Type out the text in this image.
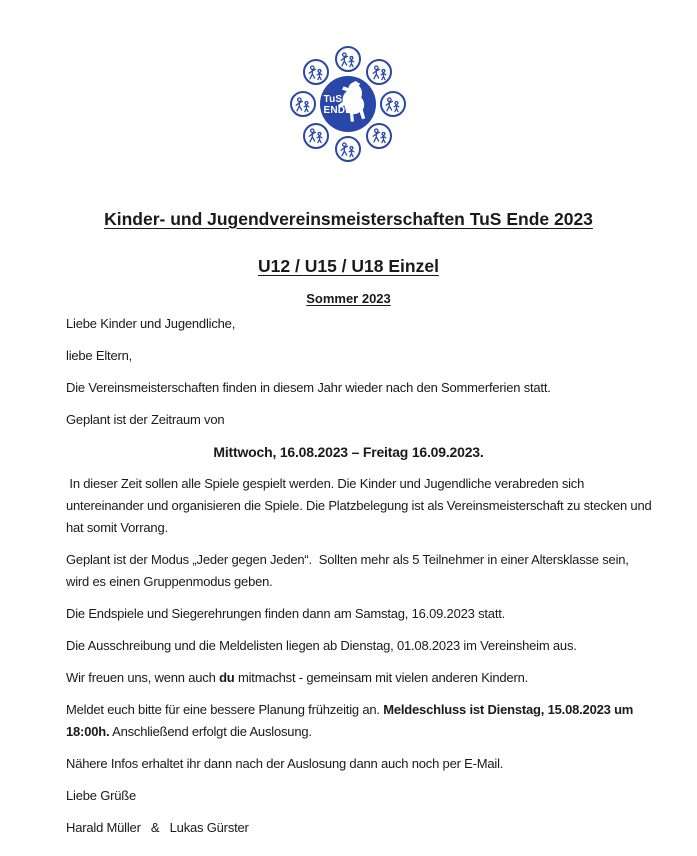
TuS
ENDE
Kinder- und Jugendvereinsmeisterschaften TuS Ende 2023
U12 / U15 / U18 Einzel
Sommer 2023

Liebe Kinder und Jugendliche,

liebe Eltern,

Die Vereinsmeisterschaften finden in diesem Jahr wieder nach den Sommerferien statt.

Geplant ist der Zeitraum von

Mittwoch, 16.08.2023 – Freitag 16.09.2023.

In dieser Zeit sollen alle Spiele gespielt werden. Die Kinder und Jugendliche verabreden sich untereinander und organisieren die Spiele. Die Platzbelegung ist als Vereinsmeisterschaft zu stecken und hat somit Vorrang.

Geplant ist der Modus „Jeder gegen Jeden“.  Sollten mehr als 5 Teilnehmer in einer Altersklasse sein, wird es einen Gruppenmodus geben.

Die Endspiele und Siegerehrungen finden dann am Samstag, 16.09.2023 statt.

Die Ausschreibung und die Meldelisten liegen ab Dienstag, 01.08.2023 im Vereinsheim aus.

Wir freuen uns, wenn auch du mitmachst - gemeinsam mit vielen anderen Kindern.

Meldet euch bitte für eine bessere Planung frühzeitig an. Meldeschluss ist Dienstag, 15.08.2023 um 18:00h. Anschließend erfolgt die Auslosung.

Nähere Infos erhaltet ihr dann nach der Auslosung dann auch noch per E-Mail.

Liebe Grüße

Harald Müller   &   Lukas Gürster
